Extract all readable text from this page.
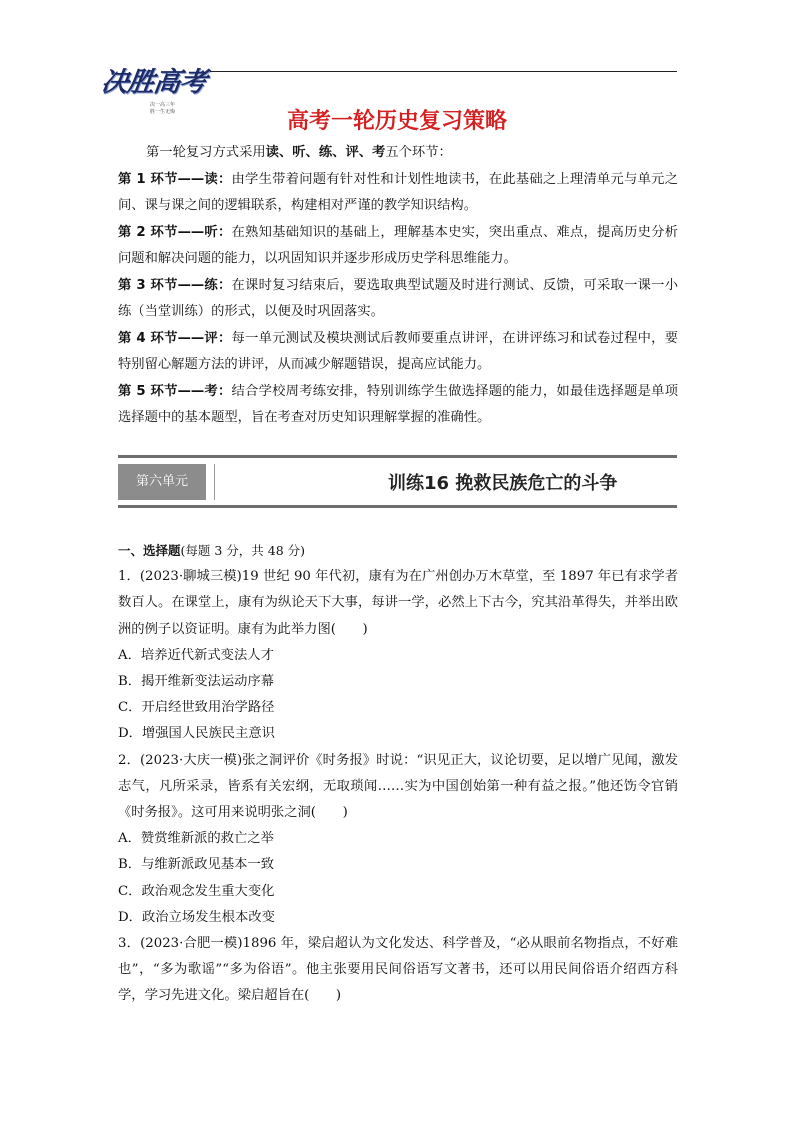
决胜高考
决一高三年
胜一生无悔	高考一轮历史复习策略

第一轮复习方式采用读、听、练、评、考五个环节：

第 1 环节——读：由学生带着问题有针对性和计划性地读书，在此基础之上理清单元与单元之间、课与课之间的逻辑联系，构建相对严谨的教学知识结构。

第 2 环节——听：在熟知基础知识的基础上，理解基本史实，突出重点、难点，提高历史分析问题和解决问题的能力，以巩固知识并逐步形成历史学科思维能力。

第 3 环节——练：在课时复习结束后，要选取典型试题及时进行测试、反馈，可采取一课一小练（当堂训练）的形式，以便及时巩固落实。

第 4 环节——评：每一单元测试及模块测试后教师要重点讲评，在讲评练习和试卷过程中，要特别留心解题方法的讲评，从而减少解题错误，提高应试能力。

第 5 环节——考：结合学校周考练安排，特别训练学生做选择题的能力，如最佳选择题是单项选择题中的基本题型，旨在考查对历史知识理解掌握的准确性。

第六单元	训练16 挽救民族危亡的斗争
一、选择题(每题 3 分，共 48 分)

1．(2023·聊城三模)19 世纪 90 年代初，康有为在广州创办万木草堂，至 1897 年已有求学者数百人。在课堂上，康有为纵论天下大事，每讲一学，必然上下古今，究其沿革得失，并举出欧洲的例子以资证明。康有为此举力图(　　)

A．培养近代新式变法人才

B．揭开维新变法运动序幕

C．开启经世致用治学路径

D．增强国人民族民主意识

2．(2023·大庆一模)张之洞评价《时务报》时说：“识见正大，议论切要，足以增广见闻，激发志气，凡所采录，皆系有关宏纲，无取琐闻……实为中国创始第一种有益之报。”他还饬令官销《时务报》。这可用来说明张之洞(　　)

A．赞赏维新派的救亡之举

B．与维新派政见基本一致

C．政治观念发生重大变化

D．政治立场发生根本改变

3．(2023·合肥一模)1896 年，梁启超认为文化发达、科学普及，“必从眼前名物指点，不好难也”，“多为歌谣”“多为俗语”。他主张要用民间俗语写文著书，还可以用民间俗语介绍西方科学，学习先进文化。梁启超旨在(　　)
